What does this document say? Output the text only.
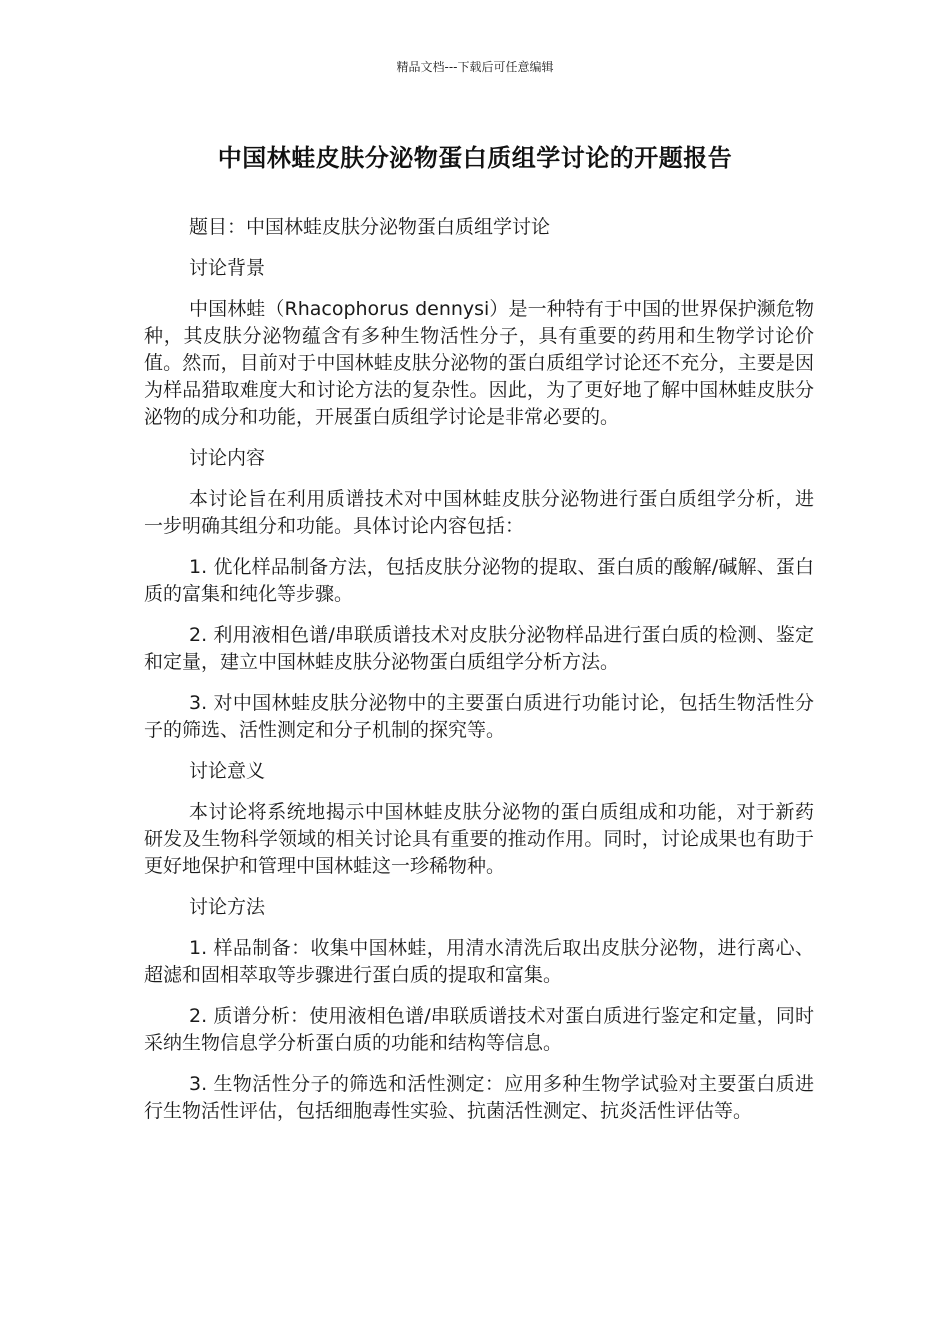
精品文档---下载后可任意编辑
中国林蛙皮肤分泌物蛋白质组学讨论的开题报告

题目：中国林蛙皮肤分泌物蛋白质组学讨论

讨论背景

中国林蛙（Rhacophorus dennysi）是一种特有于中国的世界保护濒危物种，其皮肤分泌物蕴含有多种生物活性分子，具有重要的药用和生物学讨论价值。然而，目前对于中国林蛙皮肤分泌物的蛋白质组学讨论还不充分，主要是因为样品猎取难度大和讨论方法的复杂性。因此，为了更好地了解中国林蛙皮肤分泌物的成分和功能，开展蛋白质组学讨论是非常必要的。

讨论内容

本讨论旨在利用质谱技术对中国林蛙皮肤分泌物进行蛋白质组学分析，进一步明确其组分和功能。具体讨论内容包括：

1. 优化样品制备方法，包括皮肤分泌物的提取、蛋白质的酸解/碱解、蛋白质的富集和纯化等步骤。

2. 利用液相色谱/串联质谱技术对皮肤分泌物样品进行蛋白质的检测、鉴定和定量，建立中国林蛙皮肤分泌物蛋白质组学分析方法。

3. 对中国林蛙皮肤分泌物中的主要蛋白质进行功能讨论，包括生物活性分子的筛选、活性测定和分子机制的探究等。

讨论意义

本讨论将系统地揭示中国林蛙皮肤分泌物的蛋白质组成和功能，对于新药研发及生物科学领域的相关讨论具有重要的推动作用。同时，讨论成果也有助于更好地保护和管理中国林蛙这一珍稀物种。

讨论方法

1. 样品制备：收集中国林蛙，用清水清洗后取出皮肤分泌物，进行离心、超滤和固相萃取等步骤进行蛋白质的提取和富集。

2. 质谱分析：使用液相色谱/串联质谱技术对蛋白质进行鉴定和定量，同时采纳生物信息学分析蛋白质的功能和结构等信息。

3. 生物活性分子的筛选和活性测定：应用多种生物学试验对主要蛋白质进行生物活性评估，包括细胞毒性实验、抗菌活性测定、抗炎活性评估等。
